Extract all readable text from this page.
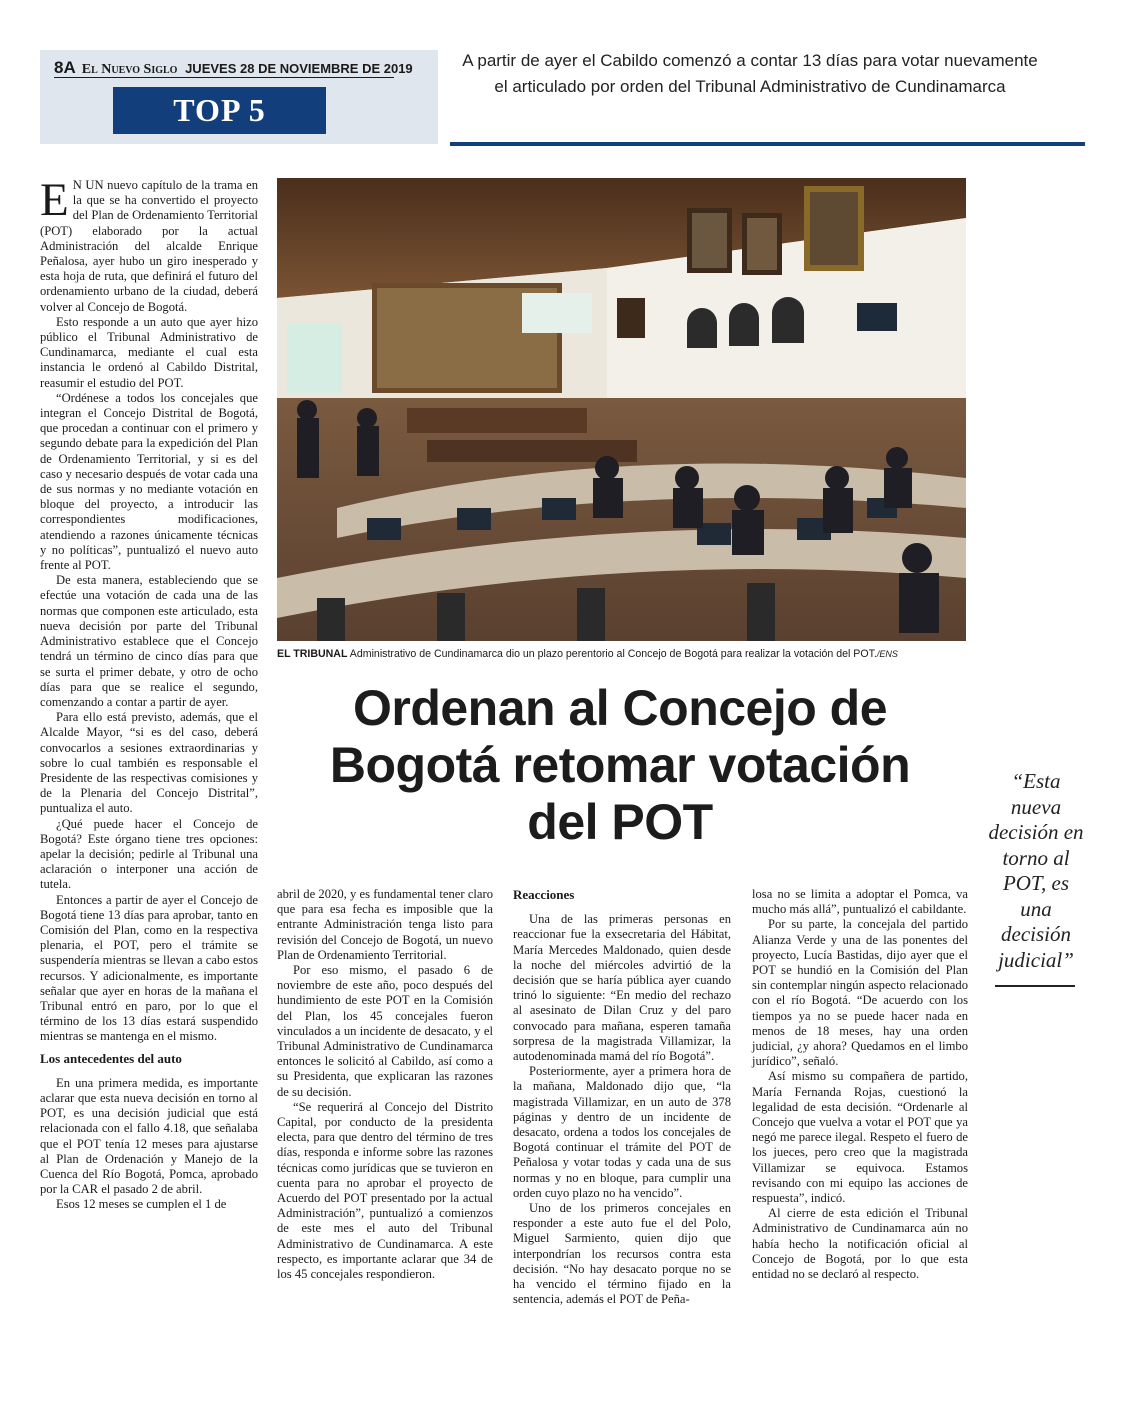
8A El Nuevo Siglo JUEVES 28 DE NOVIEMBRE DE 2019
TOP 5
A partir de ayer el Cabildo comenzó a contar 13 días para votar nuevamente el articulado por orden del Tribunal Administrativo de Cundinamarca

E N UN nuevo capítulo de la trama en la que se ha convertido el proyecto del Plan de Ordenamiento Territorial (POT) elaborado por la actual Administración del alcalde Enrique Peñalosa, ayer hubo un giro inesperado y esta hoja de ruta, que definirá el futuro del ordenamiento urbano de la ciudad, deberá volver al Concejo de Bogotá.

Esto responde a un auto que ayer hizo público el Tribunal Administrativo de Cundinamarca, mediante el cual esta instancia le ordenó al Cabildo Distrital, reasumir el estudio del POT.

“Ordénese a todos los concejales que integran el Concejo Distrital de Bogotá, que procedan a continuar con el primero y segundo debate para la expedición del Plan de Ordenamiento Territorial, y si es del caso y necesario después de votar cada una de sus normas y no mediante votación en bloque del proyecto, a introducir las correspondientes modificaciones, atendiendo a razones únicamente técnicas y no políticas”, puntualizó el nuevo auto frente al POT.

De esta manera, estableciendo que se efectúe una votación de cada una de las normas que componen este articulado, esta nueva decisión por parte del Tribunal Administrativo establece que el Concejo tendrá un término de cinco días para que se surta el primer debate, y otro de ocho días para que se realice el segundo, comenzando a contar a partir de ayer.

Para ello está previsto, además, que el Alcalde Mayor, “si es del caso, deberá convocarlos a sesiones extraordinarias y sobre lo cual también es responsable el Presidente de las respectivas comisiones y de la Plenaria del Concejo Distrital”, puntualiza el auto.

¿Qué puede hacer el Concejo de Bogotá? Este órgano tiene tres opciones: apelar la decisión; pedirle al Tribunal una aclaración o interponer una acción de tutela.

Entonces a partir de ayer el Concejo de Bogotá tiene 13 días para aprobar, tanto en Comisión del Plan, como en la respectiva plenaria, el POT, pero el trámite se suspendería mientras se llevan a cabo estos recursos. Y adicionalmente, es importante señalar que ayer en horas de la mañana el Tribunal entró en paro, por lo que el término de los 13 días estará suspendido mientras se mantenga en el mismo.

Los antecedentes del auto

En una primera medida, es importante aclarar que esta nueva decisión en torno al POT, es una decisión judicial que está relacionada con el fallo 4.18, que señalaba que el POT tenía 12 meses para ajustarse al Plan de Ordenación y Manejo de la Cuenca del Río Bogotá, Pomca, aprobado por la CAR el pasado 2 de abril.

Esos 12 meses se cumplen el 1 de

EL TRIBUNAL Administrativo de Cundinamarca dio un plazo perentorio al Concejo de Bogotá para realizar la votación del POT./ENS
Ordenan al Concejo de Bogotá retomar votación del POT
“Esta nueva decisión en torno al POT, es una decisión judicial”

abril de 2020, y es fundamental tener claro que para esa fecha es imposible que la entrante Administración tenga listo para revisión del Concejo de Bogotá, un nuevo Plan de Ordenamiento Territorial.

Por eso mismo, el pasado 6 de noviembre de este año, poco después del hundimiento de este POT en la Comisión del Plan, los 45 concejales fueron vinculados a un incidente de desacato, y el Tribunal Administrativo de Cundinamarca entonces le solicitó al Cabildo, así como a su Presidenta, que explicaran las razones de su decisión.

“Se requerirá al Concejo del Distrito Capital, por conducto de la presidenta electa, para que dentro del término de tres días, responda e informe sobre las razones técnicas como jurídicas que se tuvieron en cuenta para no aprobar el proyecto de Acuerdo del POT presentado por la actual Administración”, puntualizó a comienzos de este mes el auto del Tribunal Administrativo de Cundinamarca. A este respecto, es importante aclarar que 34 de los 45 concejales respondieron.

Reacciones

Una de las primeras personas en reaccionar fue la exsecretaria del Hábitat, María Mercedes Maldonado, quien desde la noche del miércoles advirtió de la decisión que se haría pública ayer cuando trinó lo siguiente: “En medio del rechazo al asesinato de Dilan Cruz y del paro convocado para mañana, esperen tamaña sorpresa de la magistrada Villamizar, la autodenominada mamá del río Bogotá”.

Posteriormente, ayer a primera hora de la mañana, Maldonado dijo que, “la magistrada Villamizar, en un auto de 378 páginas y dentro de un incidente de desacato, ordena a todos los concejales de Bogotá continuar el trámite del POT de Peñalosa y votar todas y cada una de sus normas y no en bloque, para cumplir una orden cuyo plazo no ha vencido”.

Uno de los primeros concejales en responder a este auto fue el del Polo, Miguel Sarmiento, quien dijo que interpondrían los recursos contra esta decisión. “No hay desacato porque no se ha vencido el término fijado en la sentencia, además el POT de Peña-

losa no se limita a adoptar el Pomca, va mucho más allá”, puntualizó el cabildante.

Por su parte, la concejala del partido Alianza Verde y una de las ponentes del proyecto, Lucía Bastidas, dijo ayer que el POT se hundió en la Comisión del Plan sin contemplar ningún aspecto relacionado con el río Bogotá. “De acuerdo con los tiempos ya no se puede hacer nada en menos de 18 meses, hay una orden judicial, ¿y ahora? Quedamos en el limbo jurídico”, señaló.

Así mismo su compañera de partido, María Fernanda Rojas, cuestionó la legalidad de esta decisión. “Ordenarle al Concejo que vuelva a votar el POT que ya negó me parece ilegal. Respeto el fuero de los jueces, pero creo que la magistrada Villamizar se equivoca. Estamos revisando con mi equipo las acciones de respuesta”, indicó.

Al cierre de esta edición el Tribunal Administrativo de Cundinamarca aún no había hecho la notificación oficial al Concejo de Bogotá, por lo que esta entidad no se declaró al respecto.
